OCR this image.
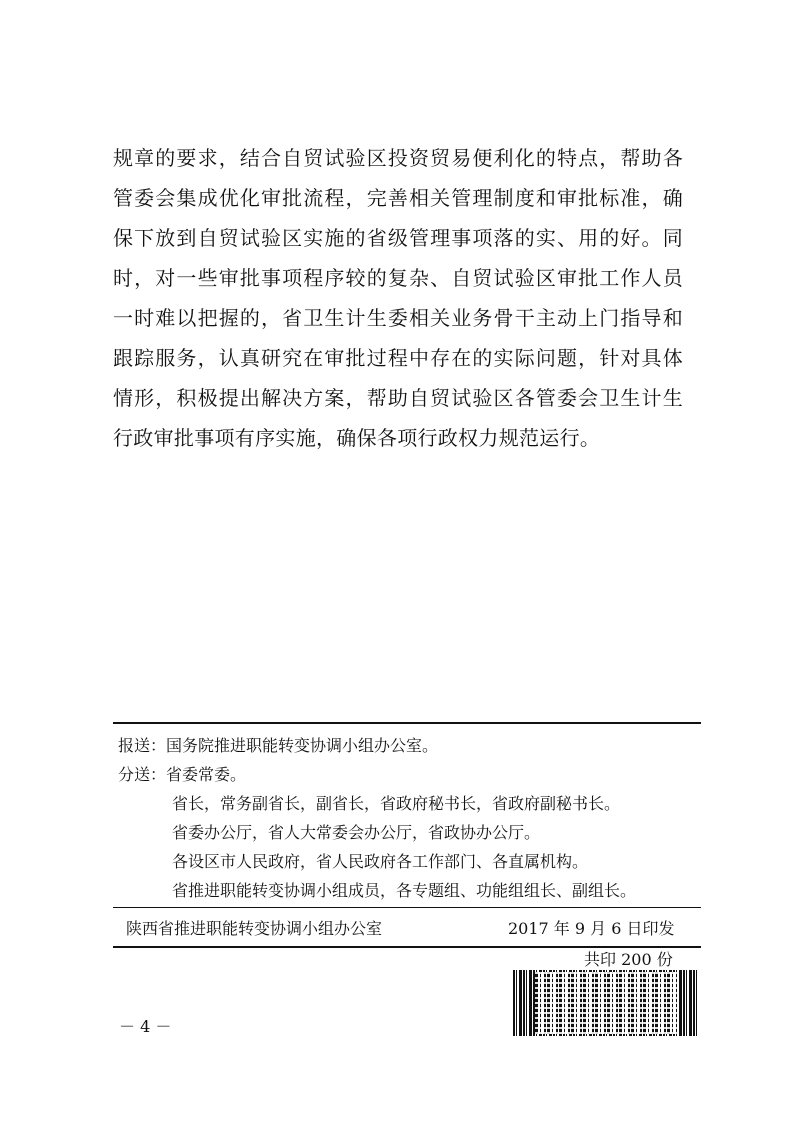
规章的要求，结合自贸试验区投资贸易便利化的特点，帮助各
管委会集成优化审批流程，完善相关管理制度和审批标准，确
保下放到自贸试验区实施的省级管理事项落的实、用的好。同
时，对一些审批事项程序较的复杂、自贸试验区审批工作人员
一时难以把握的，省卫生计生委相关业务骨干主动上门指导和
跟踪服务，认真研究在审批过程中存在的实际问题，针对具体
情形，积极提出解决方案，帮助自贸试验区各管委会卫生计生
行政审批事项有序实施，确保各项行政权力规范运行。
报送：国务院推进职能转变协调小组办公室。
分送：省委常委。
省长，常务副省长，副省长，省政府秘书长，省政府副秘书长。
省委办公厅，省人大常委会办公厅，省政协办公厅。
各设区市人民政府，省人民政府各工作部门、各直属机构。
省推进职能转变协调小组成员，各专题组、功能组组长、副组长。
陕西省推进职能转变协调小组办公室	2017 年 9 月 6 日印发
共印 200 份
－ 4 －
